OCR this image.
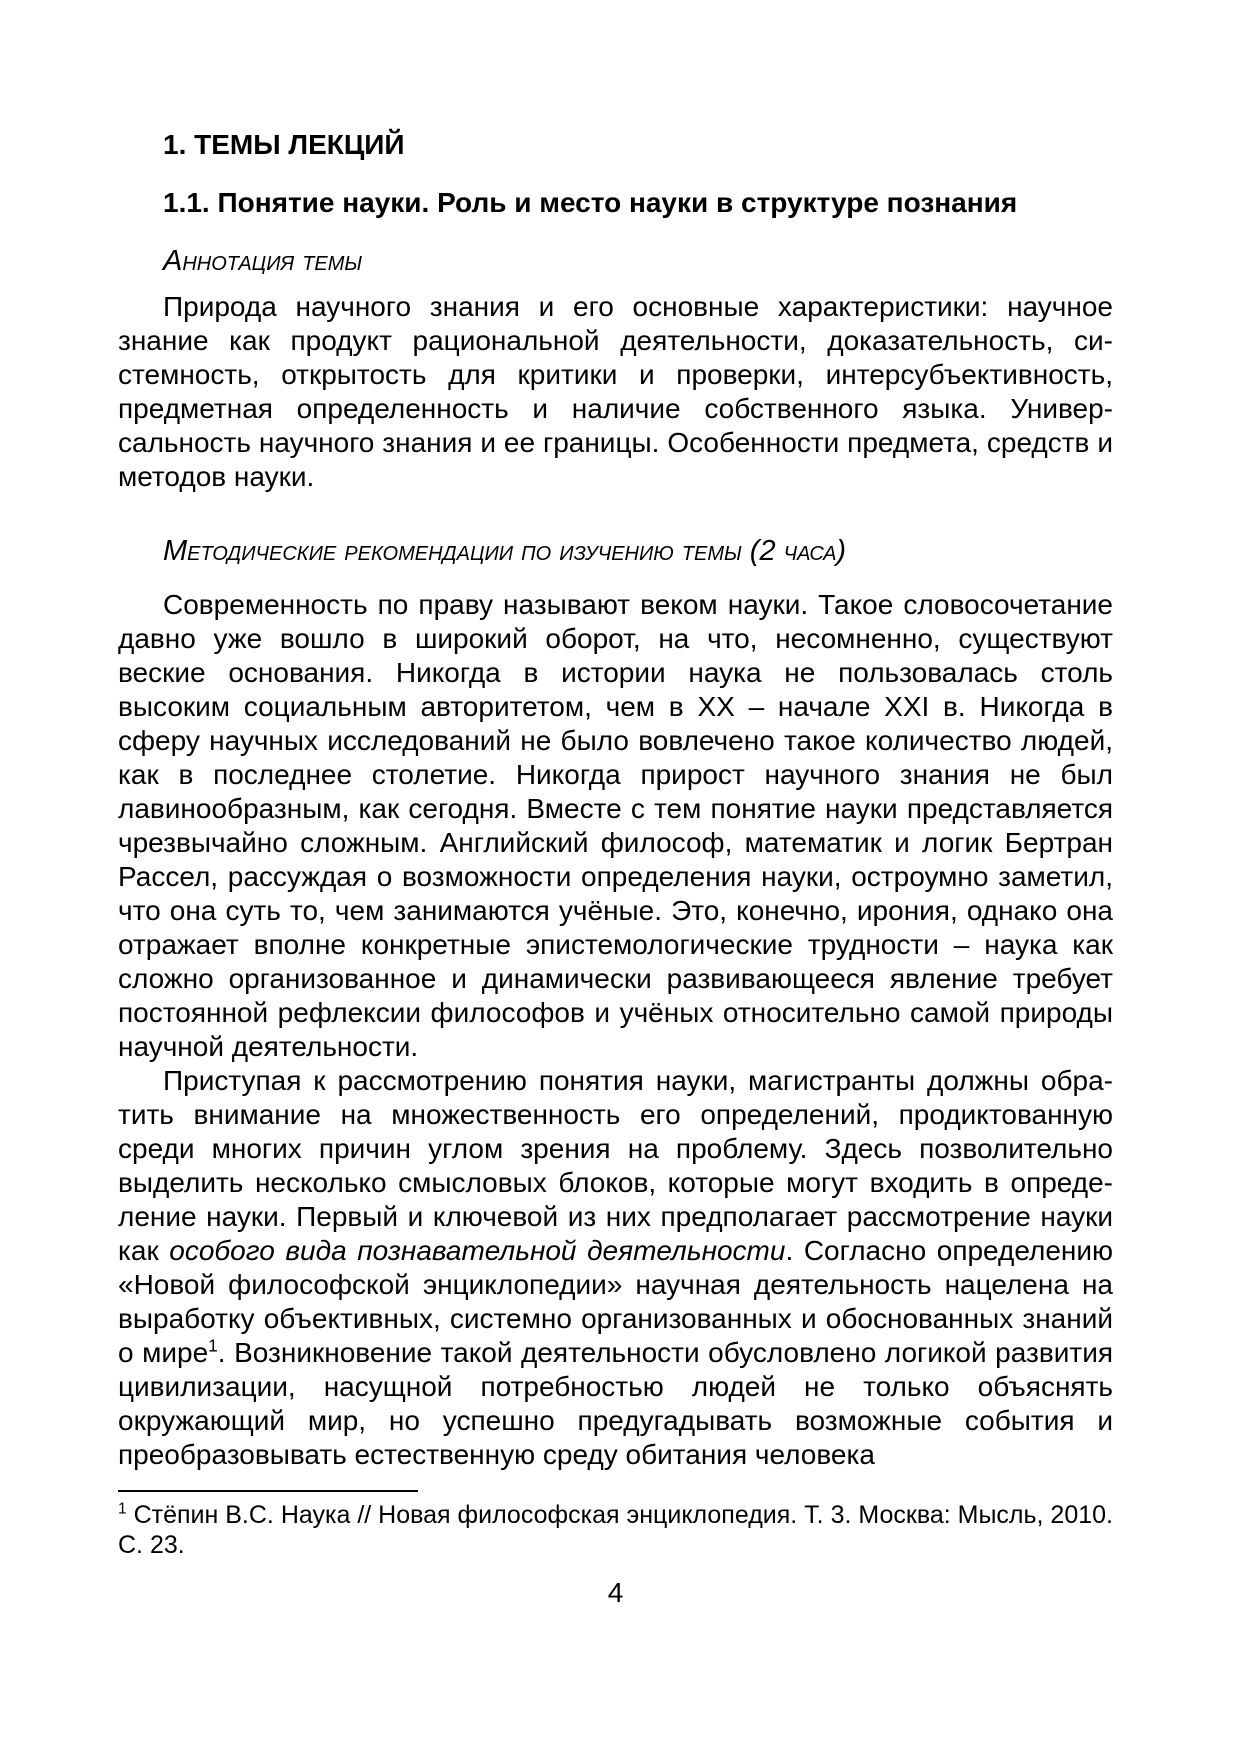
1. ТЕМЫ ЛЕКЦИЙ
1.1. Понятие науки. Роль и место науки в структуре познания
Аннотация темы

Природа научного знания и его основные характеристики: научное знание как продукт рациональной деятельности, доказательность, системность, открытость для критики и проверки, интерсубъективность, предметная определенность и наличие собственного языка. Универсальность научного знания и ее границы. Особенности предмета, средств и методов науки.

Методические рекомендации по изучению темы (2 часа)

Современность по праву называют веком науки. Такое словосочетание давно уже вошло в широкий оборот, на что, несомненно, существуют веские основания. Никогда в истории наука не пользовалась столь высоким социальным авторитетом, чем в XX – начале XXI в. Никогда в сферу научных исследований не было вовлечено такое количество людей, как в последнее столетие. Никогда прирост научного знания не был лавинообразным, как сегодня. Вместе с тем понятие науки представляется чрезвычайно сложным. Английский философ, математик и логик Бертран Рассел, рассуждая о возможности определения науки, остроумно заметил, что она суть то, чем занимаются учёные. Это, конечно, ирония, однако она отражает вполне конкретные эпистемологические трудности – наука как сложно организованное и динамически развивающееся явление требует постоянной рефлексии философов и учёных относительно самой природы научной деятельности.

Приступая к рассмотрению понятия науки, магистранты должны обратить внимание на множественность его определений, продиктованную среди многих причин углом зрения на проблему. Здесь позволительно выделить несколько смысловых блоков, которые могут входить в определение науки. Первый и ключевой из них предполагает рассмотрение науки как особого вида познавательной деятельности. Согласно определению «Новой философской энциклопедии» научная деятельность нацелена на выработку объективных, системно организованных и обоснованных знаний о мире$^1$. Возникновение такой деятельности обусловлено логикой развития цивилизации, насущной потребностью людей не только объяснять окружающий мир, но успешно предугадывать возможные события и преобразовывать естественную среду обитания человека

$^1$ Стёпин В.С. Наука // Новая философская энциклопедия. Т. 3. Москва: Мысль, 2010. С. 23.

4
